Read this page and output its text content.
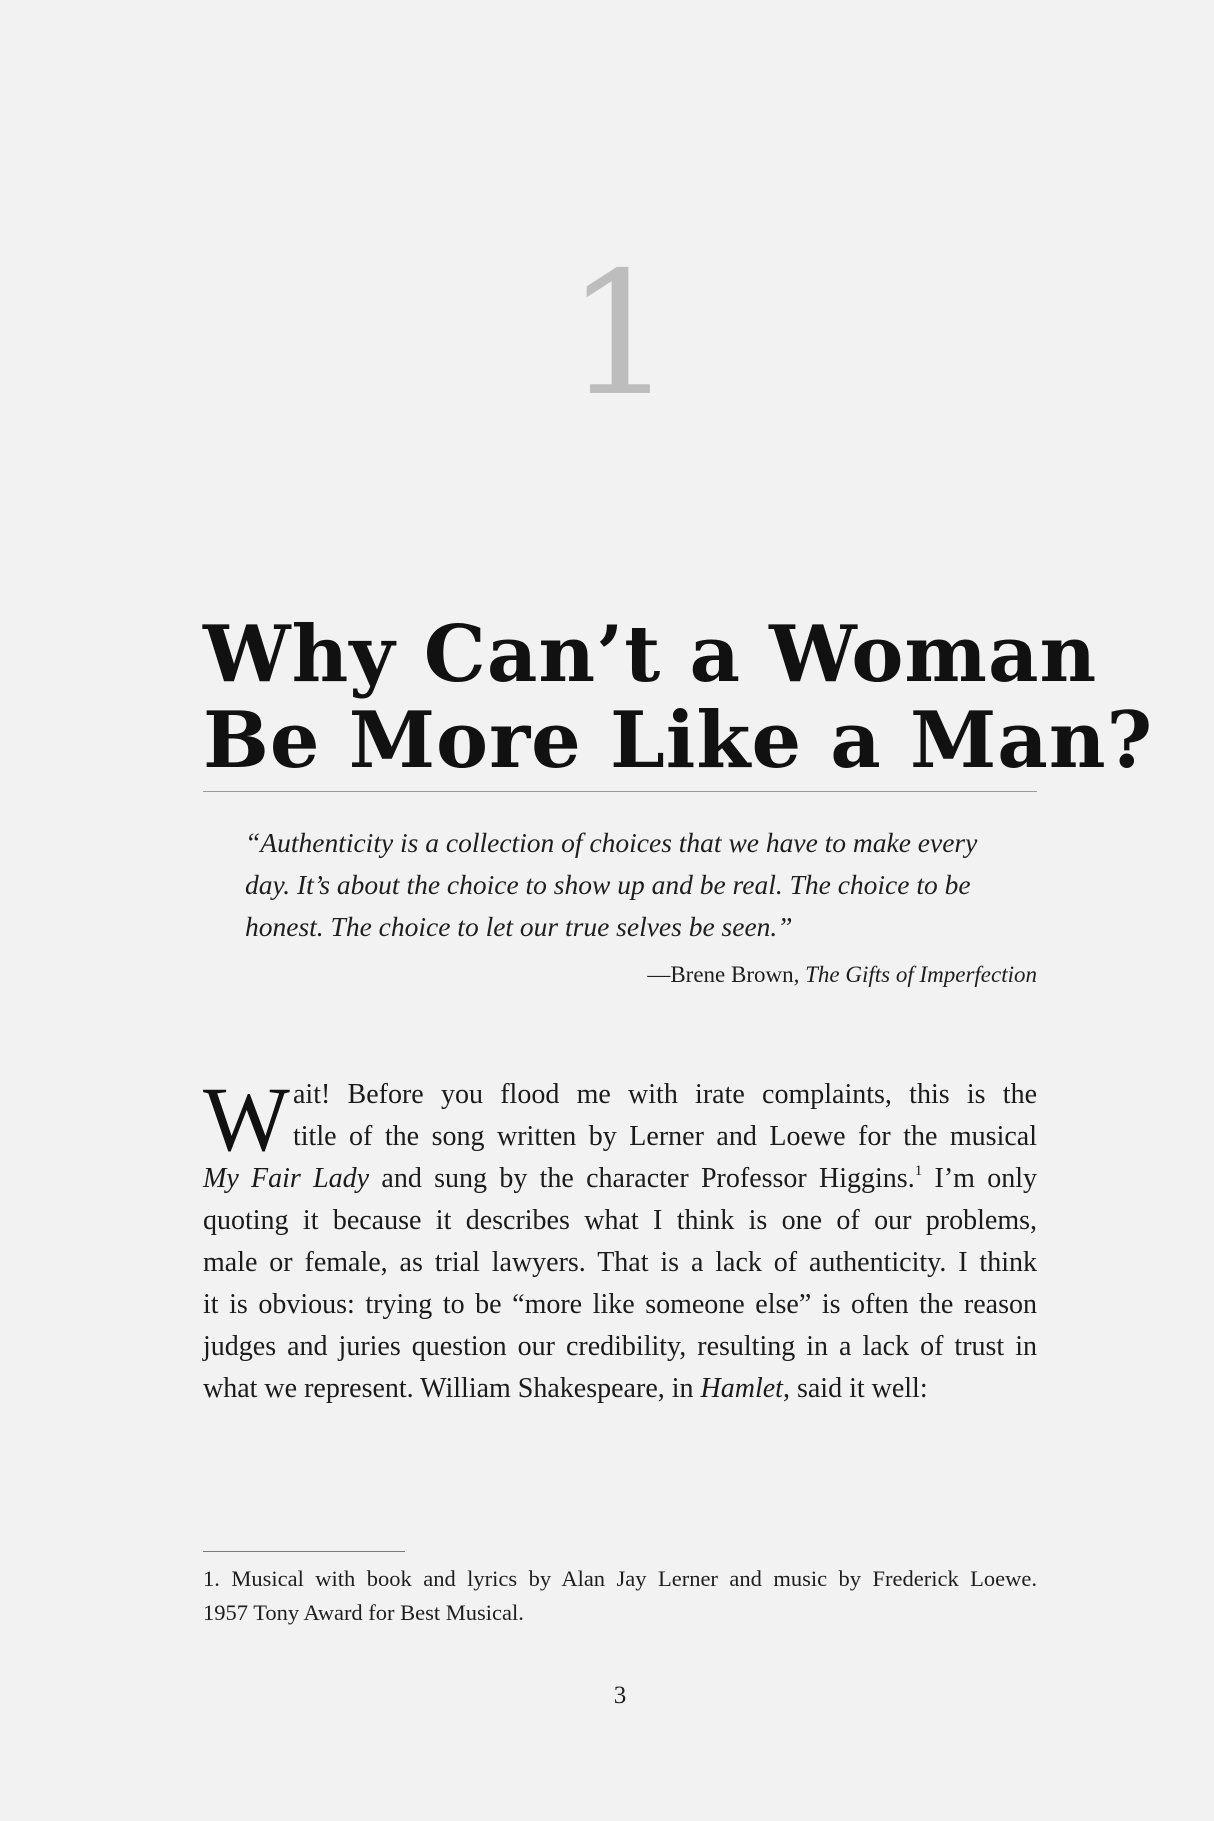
1
Why Can’t a Woman
Be More Like a Man?
“Authenticity is a collection of choices that we have to make every
day. It’s about the choice to show up and be real. The choice to be
honest. The choice to let our true selves be seen.”
—Brene Brown, The Gifts of Imperfection
W ait! Before you flood me with irate complaints, this is the
title of the song written by Lerner and Loewe for the musical
My Fair Lady and sung by the character Professor Higgins.$^1$ I’m only
quoting it because it describes what I think is one of our problems,
male or female, as trial lawyers. That is a lack of authenticity. I think
it is obvious: trying to be “more like someone else” is often the reason
judges and juries question our credibility, resulting in a lack of trust in
what we represent. William Shakespeare, in Hamlet, said it well:
1. Musical with book and lyrics by Alan Jay Lerner and music by Frederick Loewe.
1957 Tony Award for Best Musical.
3
